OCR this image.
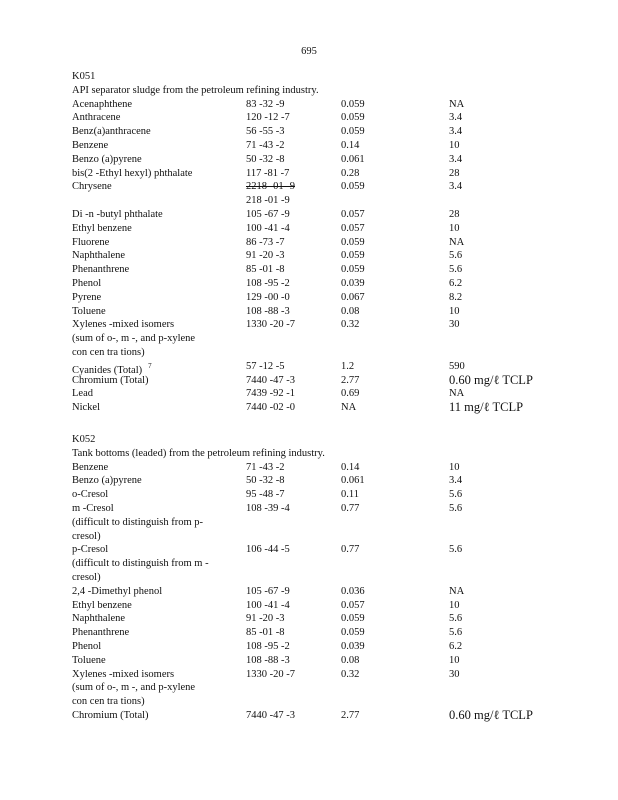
695
K051
API separator sludge from the petroleum refining industry.
Acenaphthene	83 -32 -9	0.059	NA
Anthracene	120 -12 -7	0.059	3.4
Benz(a)anthracene	56 -55 -3	0.059	3.4
Benzene	71 -43 -2	0.14	10
Benzo (a)pyrene	50 -32 -8	0.061	3.4
bis(2 -Ethyl hexyl) phthalate	117 -81 -7	0.28	28
Chrysene	2218 -01 -9	0.059	3.4
218 -01 -9
Di -n -butyl phthalate	105 -67 -9	0.057	28
Ethyl benzene	100 -41 -4	0.057	10
Fluorene	86 -73 -7	0.059	NA
Naphthalene	91 -20 -3	0.059	5.6
Phenanthrene	85 -01 -8	0.059	5.6
Phenol	108 -95 -2	0.039	6.2
Pyrene	129 -00 -0	0.067	8.2
Toluene	108 -88 -3	0.08	10
Xylenes -mixed isomers	1330 -20 -7	0.32	30
(sum of o-, m -, and p-xylene
con cen tra tions)
Cyanides (Total) $^7$	57 -12 -5	1.2	590
Chromium (Total)	7440 -47 -3	2.77	0.60 mg/ℓ TCLP
Lead	7439 -92 -1	0.69	NA
Nickel	7440 -02 -0	NA	11 mg/ℓ TCLP
K052
Tank bottoms (leaded) from the petroleum refining industry.
Benzene	71 -43 -2	0.14	10
Benzo (a)pyrene	50 -32 -8	0.061	3.4
o-Cresol	95 -48 -7	0.11	5.6
m -Cresol	108 -39 -4	0.77	5.6
(difficult to distinguish from p-
cresol)
p-Cresol	106 -44 -5	0.77	5.6
(difficult to distinguish from m -
cresol)
2,4 -Dimethyl phenol	105 -67 -9	0.036	NA
Ethyl benzene	100 -41 -4	0.057	10
Naphthalene	91 -20 -3	0.059	5.6
Phenanthrene	85 -01 -8	0.059	5.6
Phenol	108 -95 -2	0.039	6.2
Toluene	108 -88 -3	0.08	10
Xylenes -mixed isomers	1330 -20 -7	0.32	30
(sum of o-, m -, and p-xylene
con cen tra tions)
Chromium (Total)	7440 -47 -3	2.77	0.60 mg/ℓ TCLP
